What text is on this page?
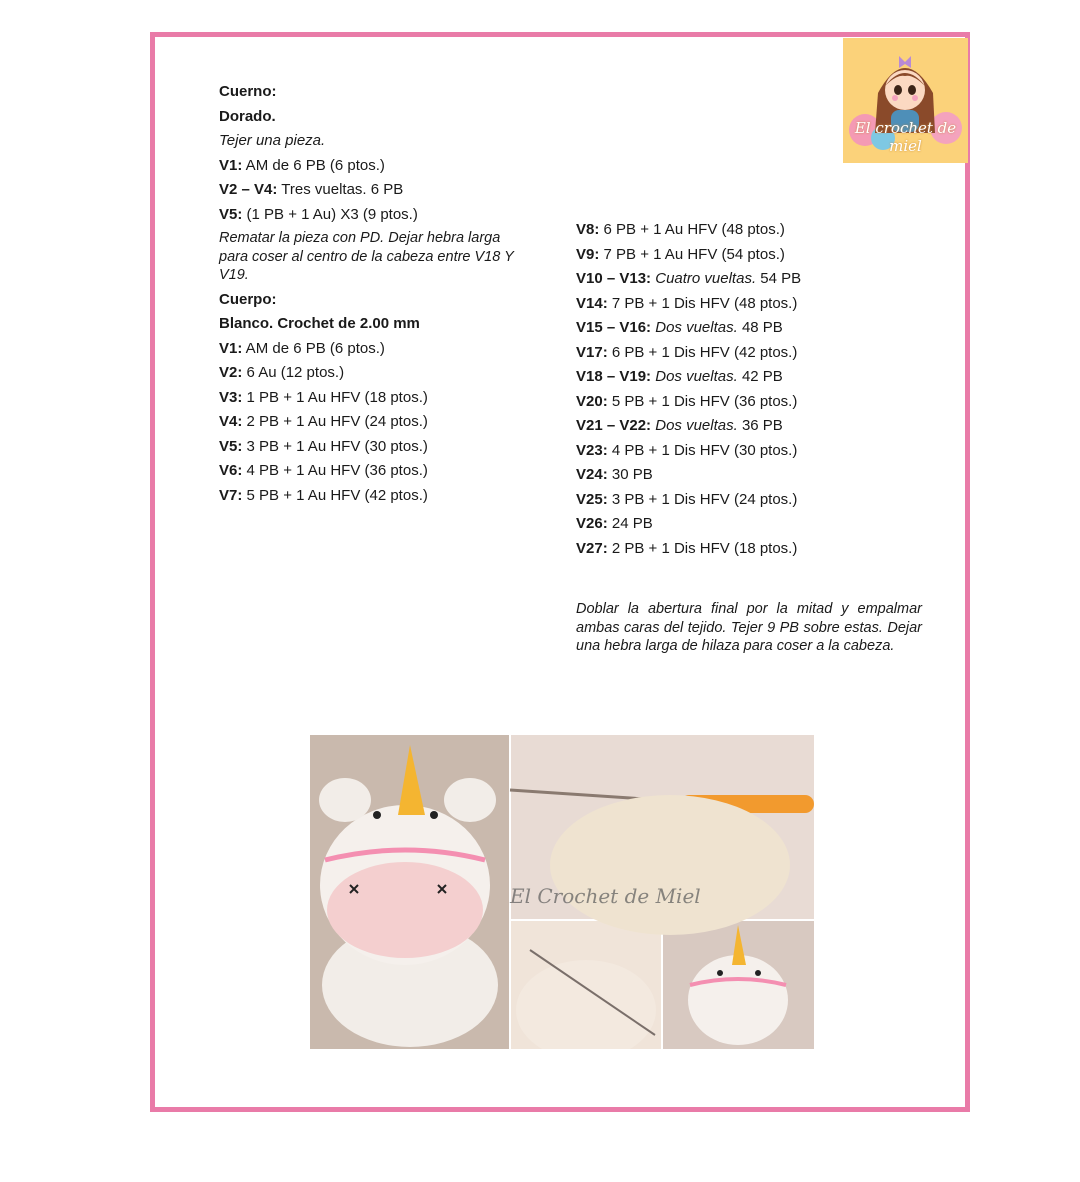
El crochet de miel
Cuerno:
Dorado.
Tejer una pieza.
V1: AM de 6 PB (6 ptos.)
V2 – V4: Tres vueltas. 6 PB
V5: (1 PB + 1 Au) X3 (9 ptos.)
Rematar la pieza con PD. Dejar hebra larga para coser al centro de la cabeza entre V18 Y V19.
Cuerpo:
Blanco. Crochet de 2.00 mm
V1: AM de 6 PB (6 ptos.)
V2: 6 Au (12 ptos.)
V3: 1 PB + 1 Au HFV (18 ptos.)
V4: 2 PB + 1 Au HFV (24 ptos.)
V5: 3 PB + 1 Au HFV (30 ptos.)
V6: 4 PB + 1 Au HFV (36 ptos.)
V7: 5 PB + 1 Au HFV (42 ptos.)
V8: 6 PB + 1 Au HFV (48 ptos.)
V9: 7 PB + 1 Au HFV (54 ptos.)
V10 – V13: Cuatro vueltas. 54 PB
V14: 7 PB + 1 Dis HFV (48 ptos.)
V15 – V16: Dos vueltas. 48 PB
V17: 6 PB + 1 Dis HFV (42 ptos.)
V18 – V19: Dos vueltas. 42 PB
V20: 5 PB + 1 Dis HFV (36 ptos.)
V21 – V22: Dos vueltas. 36 PB
V23: 4 PB + 1 Dis HFV (30 ptos.)
V24: 30 PB
V25: 3 PB + 1 Dis HFV (24 ptos.)
V26: 24 PB
V27: 2 PB + 1 Dis HFV (18 ptos.)
Doblar la abertura final por la mitad y empalmar ambas caras del tejido. Tejer 9 PB sobre estas. Dejar una hebra larga de hilaza para coser a la cabeza.
El Crochet de Miel
